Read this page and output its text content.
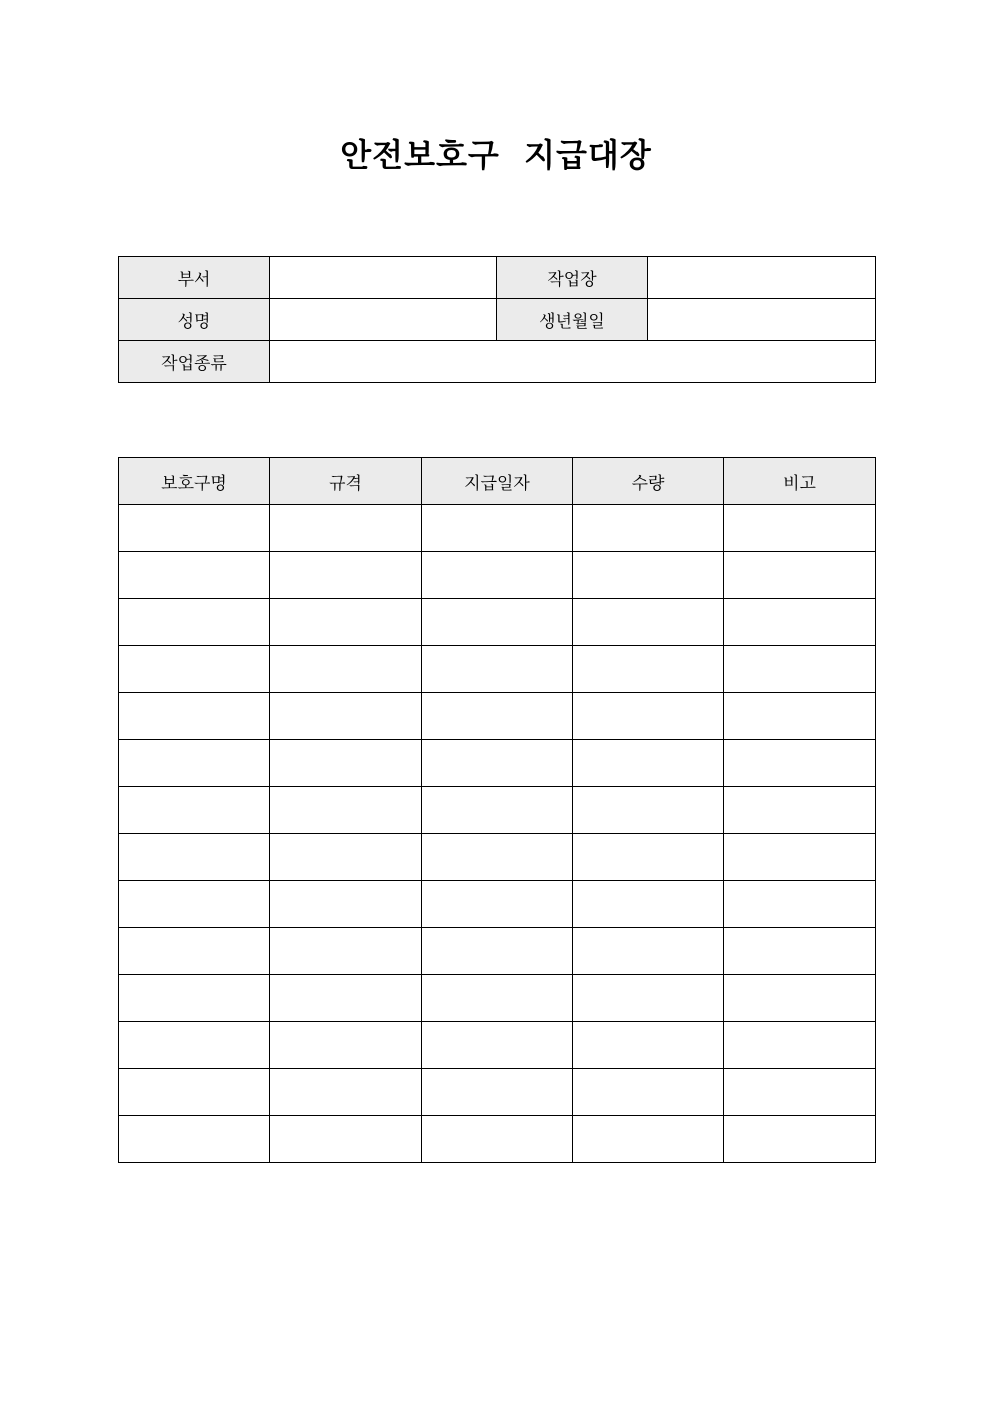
안전보호구  지급대장
부서		작업장	
성명		생년월일	
작업종류			
보호구명	규격	지급일자	수량	비고
